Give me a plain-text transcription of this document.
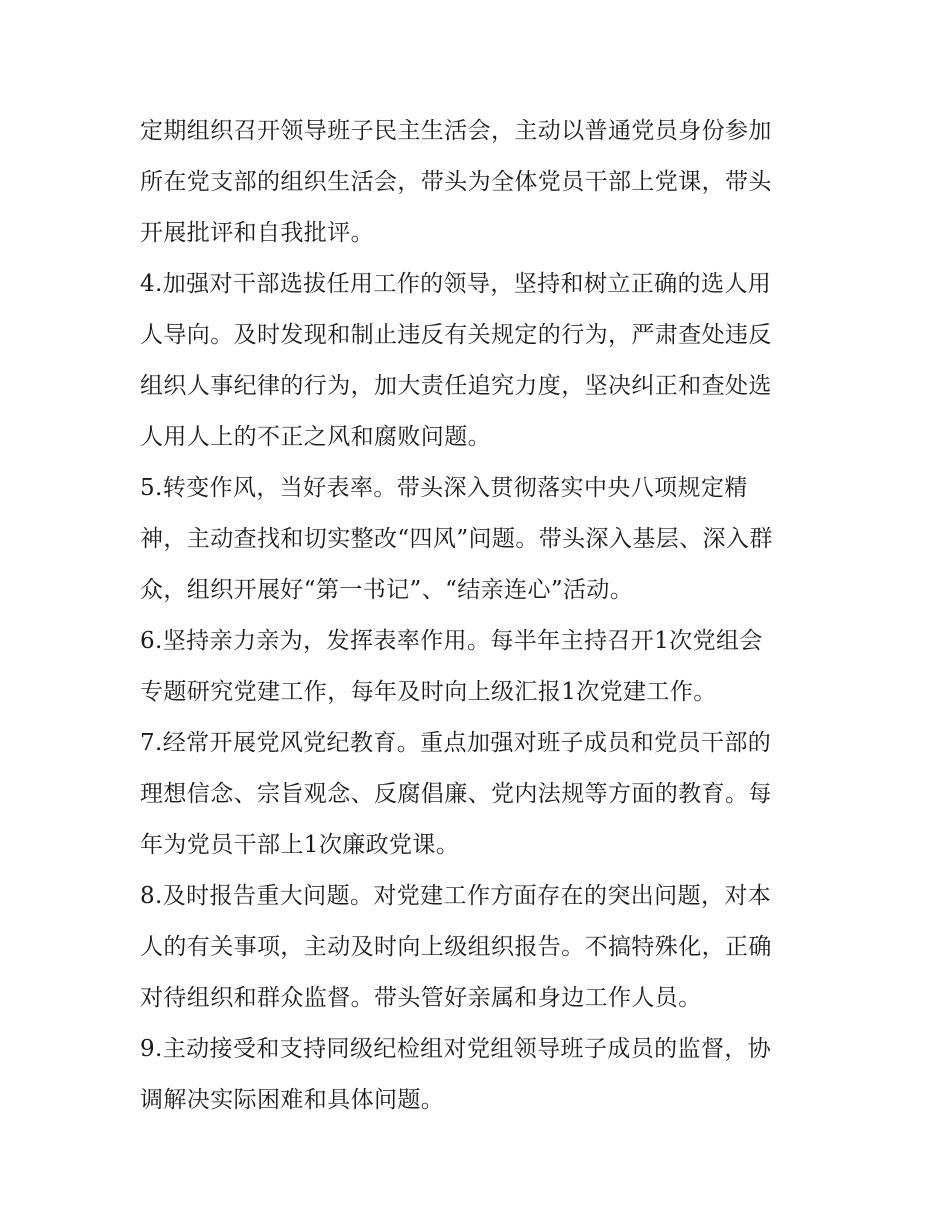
定期组织召开领导班子民主生活会，主动以普通党员身份参加
所在党支部的组织生活会，带头为全体党员干部上党课，带头
开展批评和自我批评。
4.加强对干部选拔任用工作的领导，坚持和树立正确的选人用
人导向。及时发现和制止违反有关规定的行为，严肃查处违反
组织人事纪律的行为，加大责任追究力度，坚决纠正和查处选
人用人上的不正之风和腐败问题。
5.转变作风，当好表率。带头深入贯彻落实中央八项规定精
神，主动查找和切实整改“四风”问题。带头深入基层、深入群
众，组织开展好“第一书记”、“结亲连心”活动。
6.坚持亲力亲为，发挥表率作用。每半年主持召开1次党组会
专题研究党建工作，每年及时向上级汇报1次党建工作。
7.经常开展党风党纪教育。重点加强对班子成员和党员干部的
理想信念、宗旨观念、反腐倡廉、党内法规等方面的教育。每
年为党员干部上1次廉政党课。
8.及时报告重大问题。对党建工作方面存在的突出问题，对本
人的有关事项，主动及时向上级组织报告。不搞特殊化，正确
对待组织和群众监督。带头管好亲属和身边工作人员。
9.主动接受和支持同级纪检组对党组领导班子成员的监督，协
调解决实际困难和具体问题。
